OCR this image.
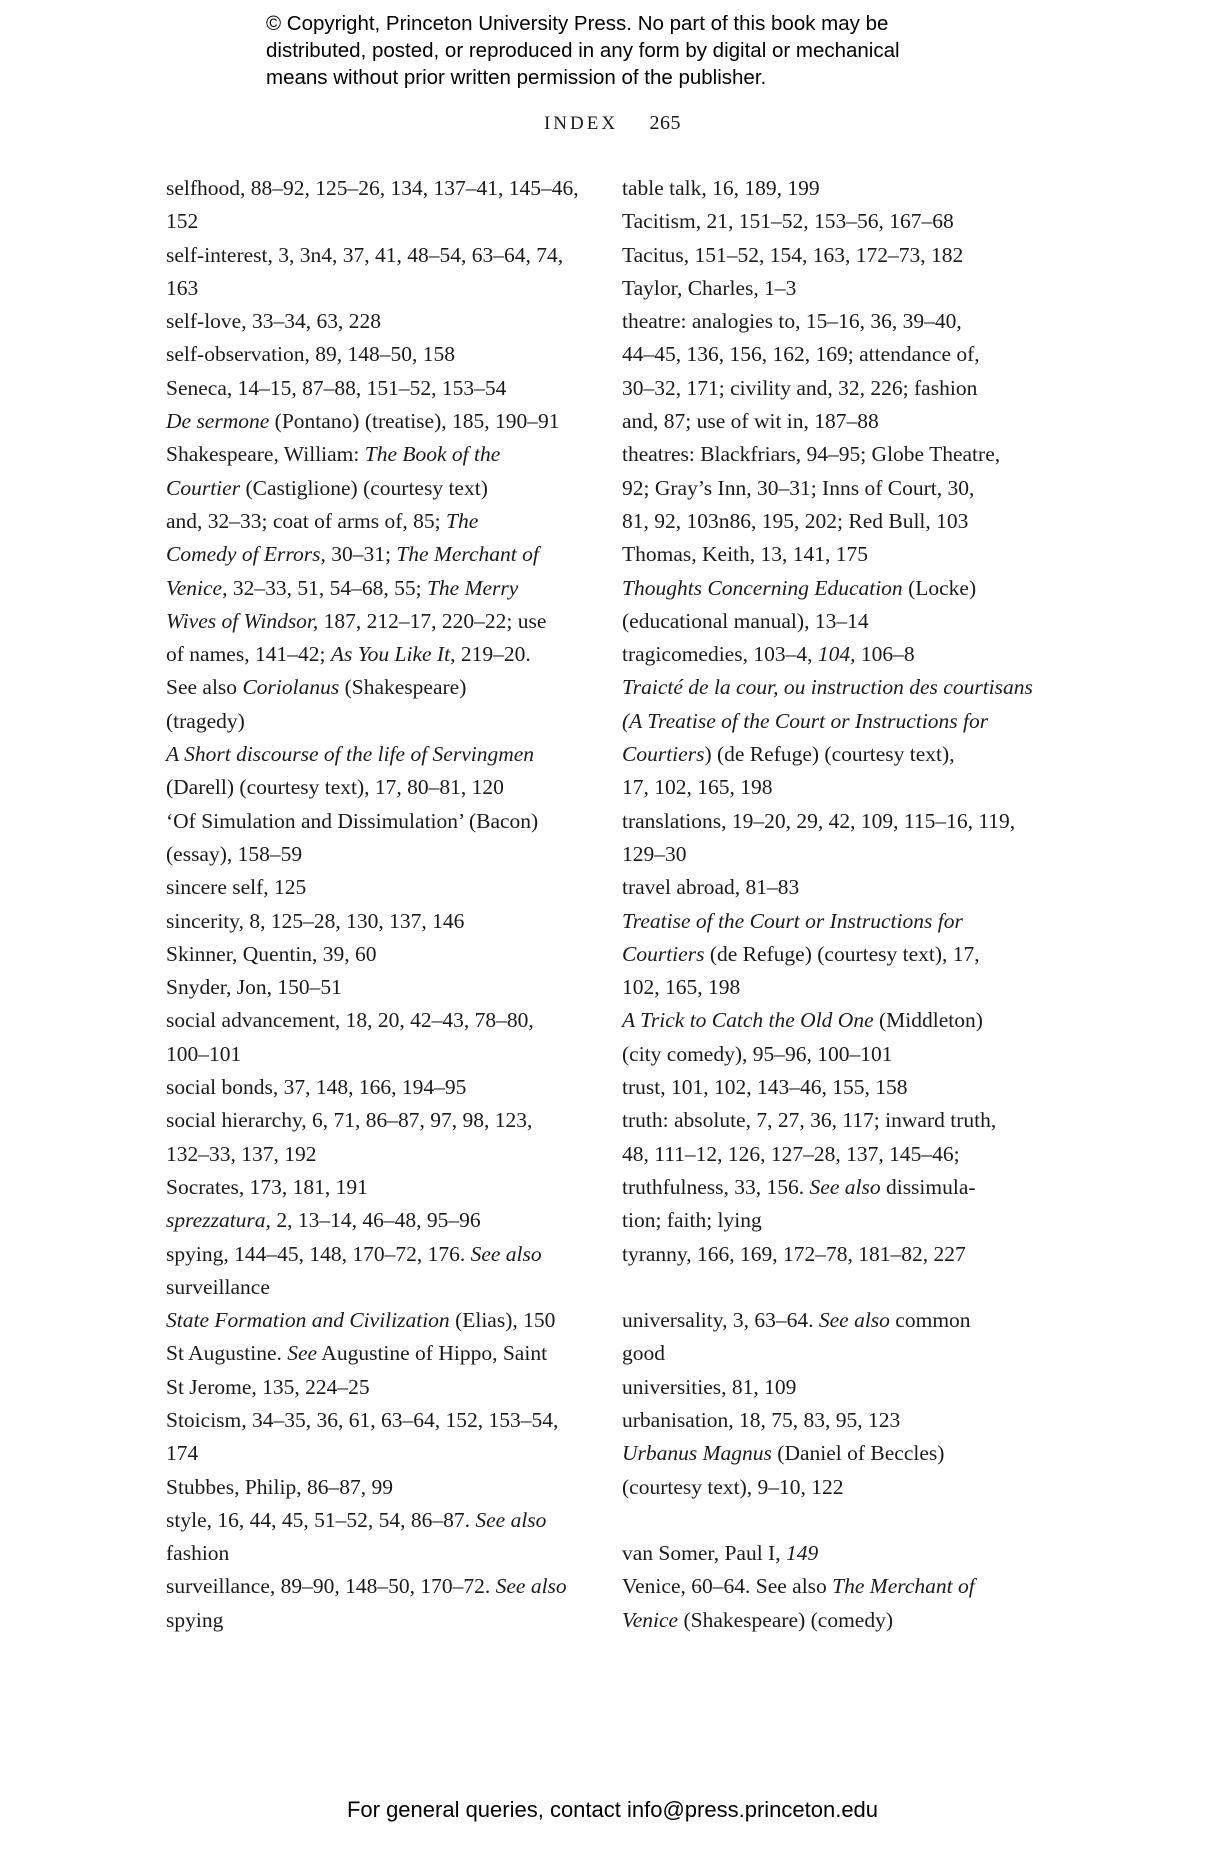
© Copyright, Princeton University Press. No part of this book may be
distributed, posted, or reproduced in any form by digital or mechanical
means without prior written permission of the publisher.
INDEX 265
selfhood, 88–92, 125–26, 134, 137–41, 145–46,
152
self-interest, 3, 3n4, 37, 41, 48–54, 63–64, 74,
163
self-love, 33–34, 63, 228
self-observation, 89, 148–50, 158
Seneca, 14–15, 87–88, 151–52, 153–54
De sermone (Pontano) (treatise), 185, 190–91
Shakespeare, William: The Book of the
Courtier (Castiglione) (courtesy text)
and, 32–33; coat of arms of, 85; The
Comedy of Errors, 30–31; The Merchant of
Venice, 32–33, 51, 54–68, 55; The Merry
Wives of Windsor, 187, 212–17, 220–22; use
of names, 141–42; As You Like It, 219–20.
See also Coriolanus (Shakespeare)
(tragedy)
A Short discourse of the life of Servingmen
(Darell) (courtesy text), 17, 80–81, 120
‘Of Simulation and Dissimulation’ (Bacon)
(essay), 158–59
sincere self, 125
sincerity, 8, 125–28, 130, 137, 146
Skinner, Quentin, 39, 60
Snyder, Jon, 150–51
social advancement, 18, 20, 42–43, 78–80,
100–101
social bonds, 37, 148, 166, 194–95
social hierarchy, 6, 71, 86–87, 97, 98, 123,
132–33, 137, 192
Socrates, 173, 181, 191
sprezzatura, 2, 13–14, 46–48, 95–96
spying, 144–45, 148, 170–72, 176. See also
surveillance
State Formation and Civilization (Elias), 150
St Augustine. See Augustine of Hippo, Saint
St Jerome, 135, 224–25
Stoicism, 34–35, 36, 61, 63–64, 152, 153–54,
174
Stubbes, Philip, 86–87, 99
style, 16, 44, 45, 51–52, 54, 86–87. See also
fashion
surveillance, 89–90, 148–50, 170–72. See also
spying
table talk, 16, 189, 199
Tacitism, 21, 151–52, 153–56, 167–68
Tacitus, 151–52, 154, 163, 172–73, 182
Taylor, Charles, 1–3
theatre: analogies to, 15–16, 36, 39–40,
44–45, 136, 156, 162, 169; attendance of,
30–32, 171; civility and, 32, 226; fashion
and, 87; use of wit in, 187–88
theatres: Blackfriars, 94–95; Globe Theatre,
92; Gray’s Inn, 30–31; Inns of Court, 30,
81, 92, 103n86, 195, 202; Red Bull, 103
Thomas, Keith, 13, 141, 175
Thoughts Concerning Education (Locke)
(educational manual), 13–14
tragicomedies, 103–4, 104, 106–8
Traicté de la cour, ou instruction des courtisans
(A Treatise of the Court or Instructions for
Courtiers) (de Refuge) (courtesy text),
17, 102, 165, 198
translations, 19–20, 29, 42, 109, 115–16, 119,
129–30
travel abroad, 81–83
Treatise of the Court or Instructions for
Courtiers (de Refuge) (courtesy text), 17,
102, 165, 198
A Trick to Catch the Old One (Middleton)
(city comedy), 95–96, 100–101
trust, 101, 102, 143–46, 155, 158
truth: absolute, 7, 27, 36, 117; inward truth,
48, 111–12, 126, 127–28, 137, 145–46;
truthfulness, 33, 156. See also dissimula-
tion; faith; lying
tyranny, 166, 169, 172–78, 181–82, 227
universality, 3, 63–64. See also common
good
universities, 81, 109
urbanisation, 18, 75, 83, 95, 123
Urbanus Magnus (Daniel of Beccles)
(courtesy text), 9–10, 122
van Somer, Paul I, 149
Venice, 60–64. See also The Merchant of
Venice (Shakespeare) (comedy)
For general queries, contact info@press.princeton.edu
